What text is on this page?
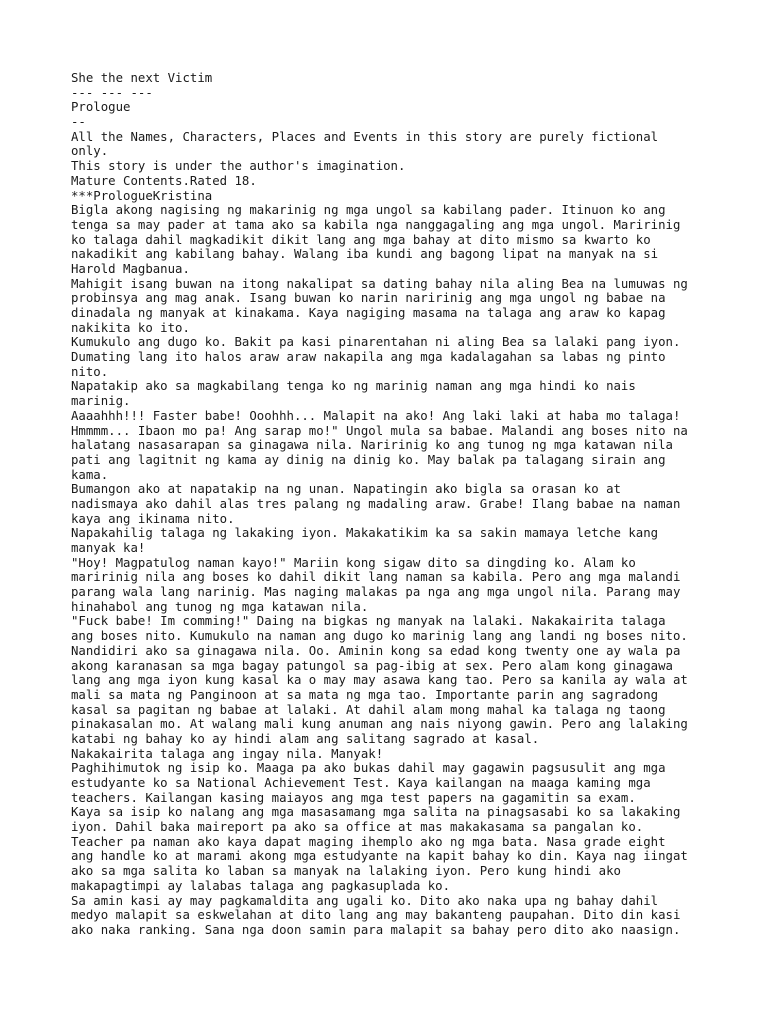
She the next Victim
--- --- ---
Prologue
--
All the Names, Characters, Places and Events in this story are purely fictional
only.
This story is under the author's imagination.
Mature Contents.Rated 18.
***PrologueKristina
Bigla akong nagising ng makarinig ng mga ungol sa kabilang pader. Itinuon ko ang
tenga sa may pader at tama ako sa kabila nga nanggagaling ang mga ungol. Maririnig
ko talaga dahil magkadikit dikit lang ang mga bahay at dito mismo sa kwarto ko
nakadikit ang kabilang bahay. Walang iba kundi ang bagong lipat na manyak na si
Harold Magbanua.
Mahigit isang buwan na itong nakalipat sa dating bahay nila aling Bea na lumuwas ng
probinsya ang mag anak. Isang buwan ko narin naririnig ang mga ungol ng babae na
dinadala ng manyak at kinakama. Kaya nagiging masama na talaga ang araw ko kapag
nakikita ko ito.
Kumukulo ang dugo ko. Bakit pa kasi pinarentahan ni aling Bea sa lalaki pang iyon.
Dumating lang ito halos araw araw nakapila ang mga kadalagahan sa labas ng pinto
nito.
Napatakip ako sa magkabilang tenga ko ng marinig naman ang mga hindi ko nais
marinig.
Aaaahhh!!! Faster babe! Ooohhh... Malapit na ako! Ang laki laki at haba mo talaga!
Hmmmm... Ibaon mo pa! Ang sarap mo!" Ungol mula sa babae. Malandi ang boses nito na
halatang nasasarapan sa ginagawa nila. Naririnig ko ang tunog ng mga katawan nila
pati ang lagitnit ng kama ay dinig na dinig ko. May balak pa talagang sirain ang
kama.
Bumangon ako at napatakip na ng unan. Napatingin ako bigla sa orasan ko at
nadismaya ako dahil alas tres palang ng madaling araw. Grabe! Ilang babae na naman
kaya ang ikinama nito.
Napakahilig talaga ng lakaking iyon. Makakatikim ka sa sakin mamaya letche kang
manyak ka!
"Hoy! Magpatulog naman kayo!" Mariin kong sigaw dito sa dingding ko. Alam ko
maririnig nila ang boses ko dahil dikit lang naman sa kabila. Pero ang mga malandi
parang wala lang narinig. Mas naging malakas pa nga ang mga ungol nila. Parang may
hinahabol ang tunog ng mga katawan nila.
"Fuck babe! Im comming!" Daing na bigkas ng manyak na lalaki. Nakakairita talaga
ang boses nito. Kumukulo na naman ang dugo ko marinig lang ang landi ng boses nito.
Nandidiri ako sa ginagawa nila. Oo. Aminin kong sa edad kong twenty one ay wala pa
akong karanasan sa mga bagay patungol sa pag-ibig at sex. Pero alam kong ginagawa
lang ang mga iyon kung kasal ka o may may asawa kang tao. Pero sa kanila ay wala at
mali sa mata ng Panginoon at sa mata ng mga tao. Importante parin ang sagradong
kasal sa pagitan ng babae at lalaki. At dahil alam mong mahal ka talaga ng taong
pinakasalan mo. At walang mali kung anuman ang nais niyong gawin. Pero ang lalaking
katabi ng bahay ko ay hindi alam ang salitang sagrado at kasal.
Nakakairita talaga ang ingay nila. Manyak!
Paghihimutok ng isip ko. Maaga pa ako bukas dahil may gagawin pagsusulit ang mga
estudyante ko sa National Achievement Test. Kaya kailangan na maaga kaming mga
teachers. Kailangan kasing maiayos ang mga test papers na gagamitin sa exam.
Kaya sa isip ko nalang ang mga masasamang mga salita na pinagsasabi ko sa lakaking
iyon. Dahil baka maireport pa ako sa office at mas makakasama sa pangalan ko.
Teacher pa naman ako kaya dapat maging ihemplo ako ng mga bata. Nasa grade eight
ang handle ko at marami akong mga estudyante na kapit bahay ko din. Kaya nag iingat
ako sa mga salita ko laban sa manyak na lalaking iyon. Pero kung hindi ako
makapagtimpi ay lalabas talaga ang pagkasuplada ko.
Sa amin kasi ay may pagkamaldita ang ugali ko. Dito ako naka upa ng bahay dahil
medyo malapit sa eskwelahan at dito lang ang may bakanteng paupahan. Dito din kasi
ako naka ranking. Sana nga doon samin para malapit sa bahay pero dito ako naasign.
